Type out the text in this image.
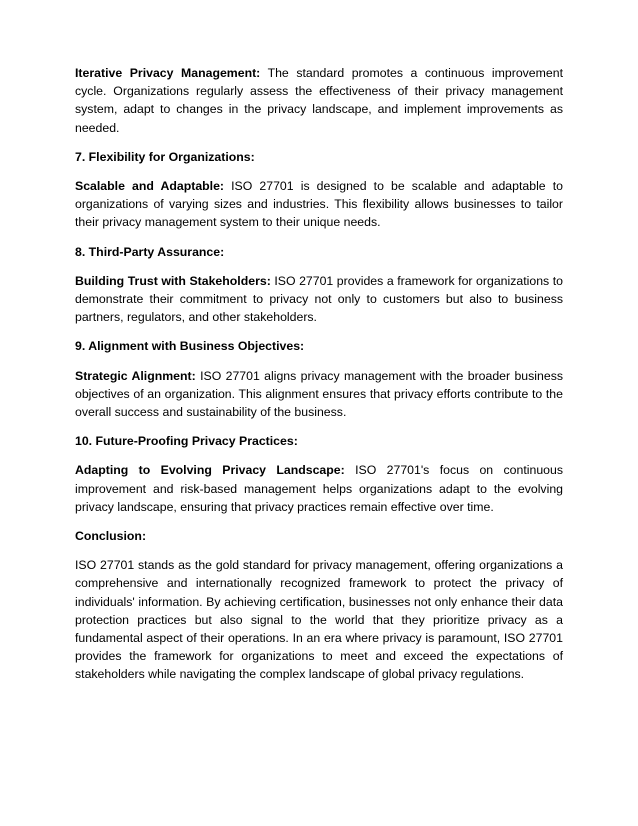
Iterative Privacy Management: The standard promotes a continuous improvement cycle. Organizations regularly assess the effectiveness of their privacy management system, adapt to changes in the privacy landscape, and implement improvements as needed.

7. Flexibility for Organizations:

Scalable and Adaptable: ISO 27701 is designed to be scalable and adaptable to organizations of varying sizes and industries. This flexibility allows businesses to tailor their privacy management system to their unique needs.

8. Third-Party Assurance:

Building Trust with Stakeholders: ISO 27701 provides a framework for organizations to demonstrate their commitment to privacy not only to customers but also to business partners, regulators, and other stakeholders.

9. Alignment with Business Objectives:

Strategic Alignment: ISO 27701 aligns privacy management with the broader business objectives of an organization. This alignment ensures that privacy efforts contribute to the overall success and sustainability of the business.

10. Future-Proofing Privacy Practices:

Adapting to Evolving Privacy Landscape: ISO 27701's focus on continuous improvement and risk-based management helps organizations adapt to the evolving privacy landscape, ensuring that privacy practices remain effective over time.

Conclusion:

ISO 27701 stands as the gold standard for privacy management, offering organizations a comprehensive and internationally recognized framework to protect the privacy of individuals' information. By achieving certification, businesses not only enhance their data protection practices but also signal to the world that they prioritize privacy as a fundamental aspect of their operations. In an era where privacy is paramount, ISO 27701 provides the framework for organizations to meet and exceed the expectations of stakeholders while navigating the complex landscape of global privacy regulations.
